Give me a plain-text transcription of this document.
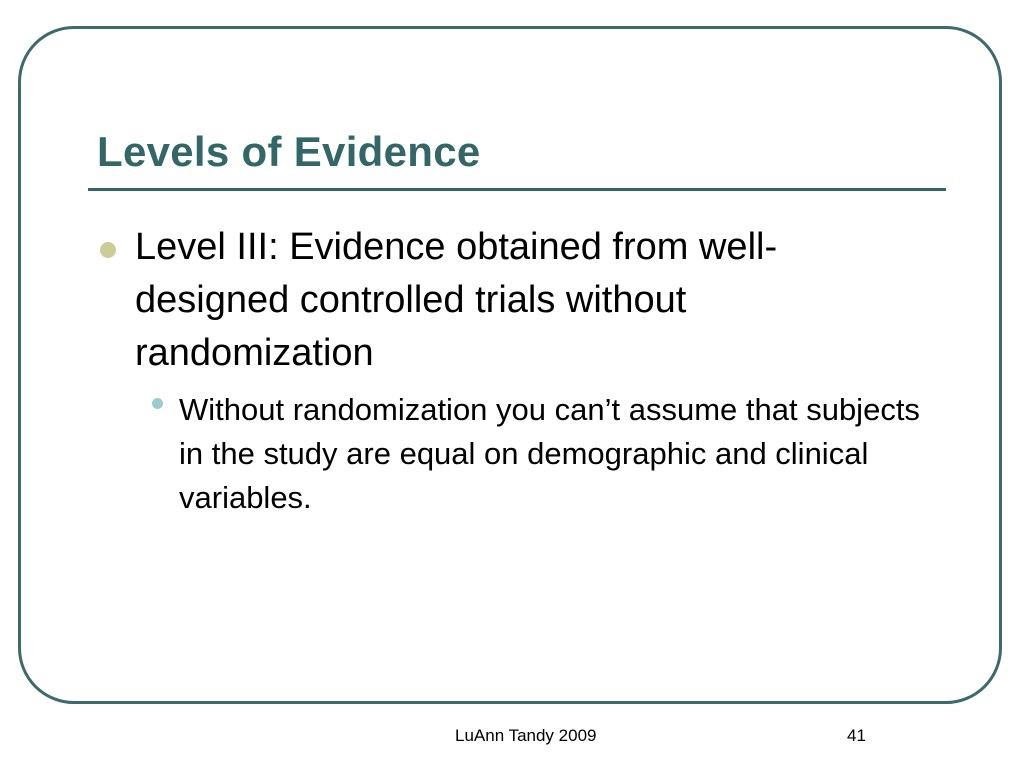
Levels of Evidence
Level III: Evidence obtained from well-designed controlled trials without randomization
Without randomization you can’t assume that subjects in the study are equal on demographic and clinical variables.
LuAnn Tandy 2009	41
